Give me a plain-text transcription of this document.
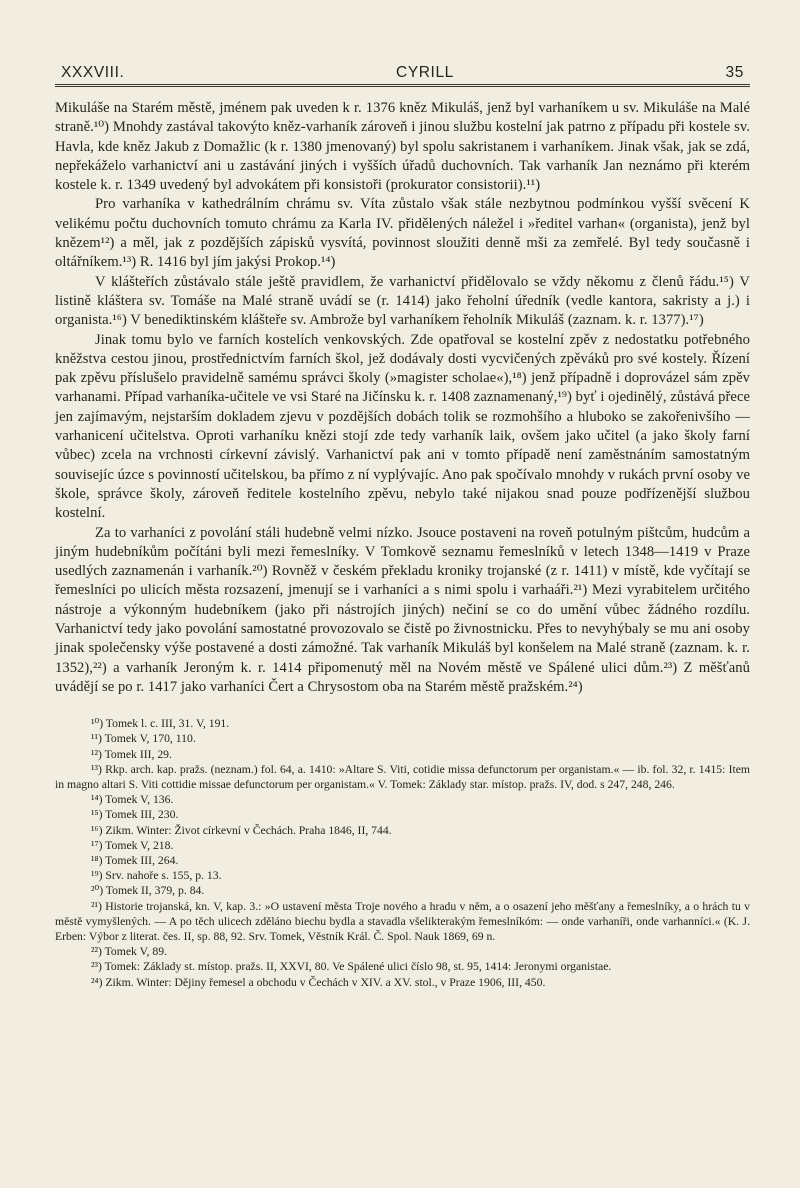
XXXVIII.	CYRILL	35

Mikuláše na Starém městě, jménem pak uveden k r. 1376 kněz Mikuláš, jenž byl varhaníkem u sv. Mikuláše na Malé straně.¹⁰) Mnohdy zastával takovýto kněz-varhaník zároveň i jinou službu kostelní jak patrno z případu při kostele sv. Havla, kde kněz Jakub z Domažlic (k r. 1380 jmenovaný) byl spolu sakristanem i varhaníkem. Jinak však, jak se zdá, nepřekáželo varhanictví ani u zastávání jiných i vyšších úřadů duchovních. Tak varhaník Jan neznámo při kterém kostele k. r. 1349 uvedený byl advokátem při konsistoři (prokurator consistorii).¹¹)

Pro varhaníka v kathedrálním chrámu sv. Víta zůstalo však stále nezbytnou podmínkou vyšší svěcení K velikému počtu duchovních tomuto chrámu za Karla IV. přidělených náležel i »ředitel varhan« (organista), jenž byl knězem¹²) a měl, jak z pozdějších zápisků vysvítá, povinnost sloužiti denně mši za zemřelé. Byl tedy současně i oltářníkem.¹³) R. 1416 byl jím jakýsi Prokop.¹⁴)

V klášteřích zůstávalo stále ještě pravidlem, že varhanictví přidělovalo se vždy někomu z členů řádu.¹⁵) V listině kláštera sv. Tomáše na Malé straně uvádí se (r. 1414) jako řeholní úředník (vedle kantora, sakristy a j.) i organista.¹⁶) V benediktinském klášteře sv. Ambrože byl varhaníkem řeholník Mikuláš (zaznam. k. r. 1377).¹⁷)

Jinak tomu bylo ve farních kostelích venkovských. Zde opatřoval se kostelní zpěv z nedostatku potřebného kněžstva cestou jinou, prostřednictvím farních škol, jež dodávaly dosti vycvičených zpěváků pro své kostely. Řízení pak zpěvu příslušelo pravidelně samému správci školy (»magister scholae«),¹⁸) jenž případně i doprovázel sám zpěv varhanami. Případ varhaníka-učitele ve vsi Staré na Jičínsku k. r. 1408 zaznamenaný,¹⁹) byť i ojedinělý, zůstává přece jen zajímavým, nejstarším dokladem zjevu v pozdějších dobách tolik se rozmohšího a hluboko se zakořenivšího — varhanicení učitelstva. Oproti varhaníku knězi stojí zde tedy varhaník laik, ovšem jako učitel (a jako školy farní vůbec) zcela na vrchnosti církevní závislý. Varhanictví pak ani v tomto případě není zaměstnáním samostatným souvisejíc úzce s povinností učitelskou, ba přímo z ní vyplývajíc. Ano pak spočívalo mnohdy v rukách první osoby ve škole, správce školy, zároveň ředitele kostelního zpěvu, nebylo také nijakou snad pouze podřízenější službou kostelní.

Za to varhaníci z povolání stáli hudebně velmi nízko. Jsouce postaveni na roveň potulným pištcům, hudcům a jiným hudebníkům počítáni byli mezi řemeslníky. V Tomkově seznamu řemeslníků v letech 1348—1419 v Praze usedlých zaznamenán i varhaník.²⁰) Rovněž v českém překladu kroniky trojanské (z r. 1411) v místě, kde vyčítají se řemeslníci po ulicích města rozsazení, jmenují se i varhaníci a s nimi spolu i varhaáři.²¹) Mezi vyrabitelem určitého nástroje a výkonným hudebníkem (jako při nástrojích jiných) nečiní se co do umění vůbec žádného rozdílu. Varhanictví tedy jako povolání samostatné provozovalo se čistě po živnostnicku. Přes to nevyhýbaly se mu ani osoby jinak společensky výše postavené a dosti zámožné. Tak varhaník Mikuláš byl konšelem na Malé straně (zaznam. k. r. 1352),²²) a varhaník Jeroným k. r. 1414 připomenutý měl na Novém městě ve Spálené ulici dům.²³) Z měšťanů uvádějí se po r. 1417 jako varhaníci Čert a Chrysostom oba na Starém městě pražském.²⁴)

¹⁰) Tomek l. c. III, 31. V, 191.
¹¹) Tomek V, 170, 110.
¹²) Tomek III, 29.
¹³) Rkp. arch. kap. pražs. (neznam.) fol. 64, a. 1410: »Altare S. Viti, cotidie missa defunctorum per organistam.« — ib. fol. 32, r. 1415: Item in magno altari S. Viti cottidie missae defunctorum per organistam.« V. Tomek: Základy star. místop. pražs. IV, dod. s 247, 248, 246.
¹⁴) Tomek V, 136.
¹⁵) Tomek III, 230.
¹⁶) Zikm. Winter: Život církevní v Čechách. Praha 1846, II, 744.
¹⁷) Tomek V, 218.
¹⁸) Tomek III, 264.
¹⁹) Srv. nahoře s. 155, p. 13.
²⁰) Tomek II, 379, p. 84.
²¹) Historie trojanská, kn. V, kap. 3.: »O ustavení města Troje nového a hradu v něm, a o osazení jeho měšťany a řemeslníky, a o hrách tu v městě vymyšlených. — A po těch ulicech zděláno biechu bydla a stavadla všelikterakým řemeslníkóm: — onde varhaníři, onde varhanníci.« (K. J. Erben: Výbor z literat. čes. II, sp. 88, 92. Srv. Tomek, Věstník Král. Č. Spol. Nauk 1869, 69 n.
²²) Tomek V, 89.
²³) Tomek: Základy st. místop. pražs. II, XXVI, 80. Ve Spálené ulici číslo 98, st. 95, 1414: Jeronymi organistae.
²⁴) Zikm. Winter: Dějiny řemesel a obchodu v Čechách v XIV. a XV. stol., v Praze 1906, III, 450.
